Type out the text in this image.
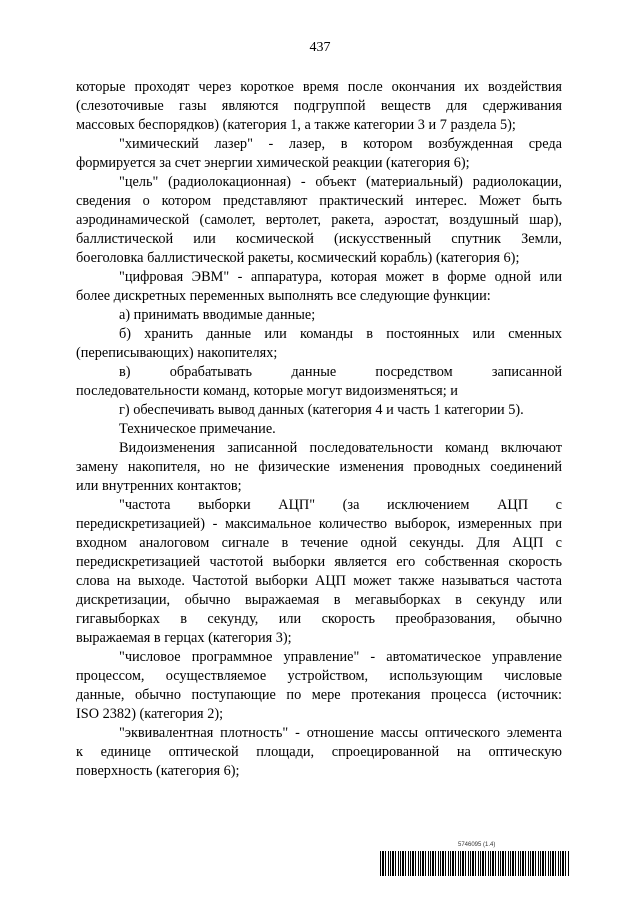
437
которые проходят через короткое время после окончания их воздействия
(слезоточивые газы являются подгруппой веществ для сдерживания
массовых беспорядков) (категория 1, а также категории 3 и 7 раздела 5);
"химический лазер" - лазер, в котором возбужденная среда
формируется за счет энергии химической реакции (категория 6);
"цель" (радиолокационная) - объект (материальный) радиолокации,
сведения о котором представляют практический интерес. Может быть
аэродинамической (самолет, вертолет, ракета, аэростат, воздушный шар),
баллистической или космической (искусственный спутник Земли,
боеголовка баллистической ракеты, космический корабль) (категория 6);
"цифровая ЭВМ" - аппаратура, которая может в форме одной или
более дискретных переменных выполнять все следующие функции:
а) принимать вводимые данные;
б) хранить данные или команды в постоянных или сменных
(переписывающих) накопителях;
в) обрабатывать данные посредством записанной
последовательности команд, которые могут видоизменяться; и
г) обеспечивать вывод данных (категория 4 и часть 1 категории 5).
Техническое примечание.
Видоизменения записанной последовательности команд включают
замену накопителя, но не физические изменения проводных соединений
или внутренних контактов;
"частота выборки АЦП" (за исключением АЦП с
передискретизацией) - максимальное количество выборок, измеренных при
входном аналоговом сигнале в течение одной секунды. Для АЦП с
передискретизацией частотой выборки является его собственная скорость
слова на выходе. Частотой выборки АЦП может также называться частота
дискретизации, обычно выражаемая в мегавыборках в секунду или
гигавыборках в секунду, или скорость преобразования, обычно
выражаемая в герцах (категория 3);
"числовое программное управление" - автоматическое управление
процессом, осуществляемое устройством, использующим числовые
данные, обычно поступающие по мере протекания процесса (источник:
ISO 2382) (категория 2);
"эквивалентная плотность" - отношение массы оптического элемента
к единице оптической площади, спроецированной на оптическую
поверхность (категория 6);
5746095 (1.4)
